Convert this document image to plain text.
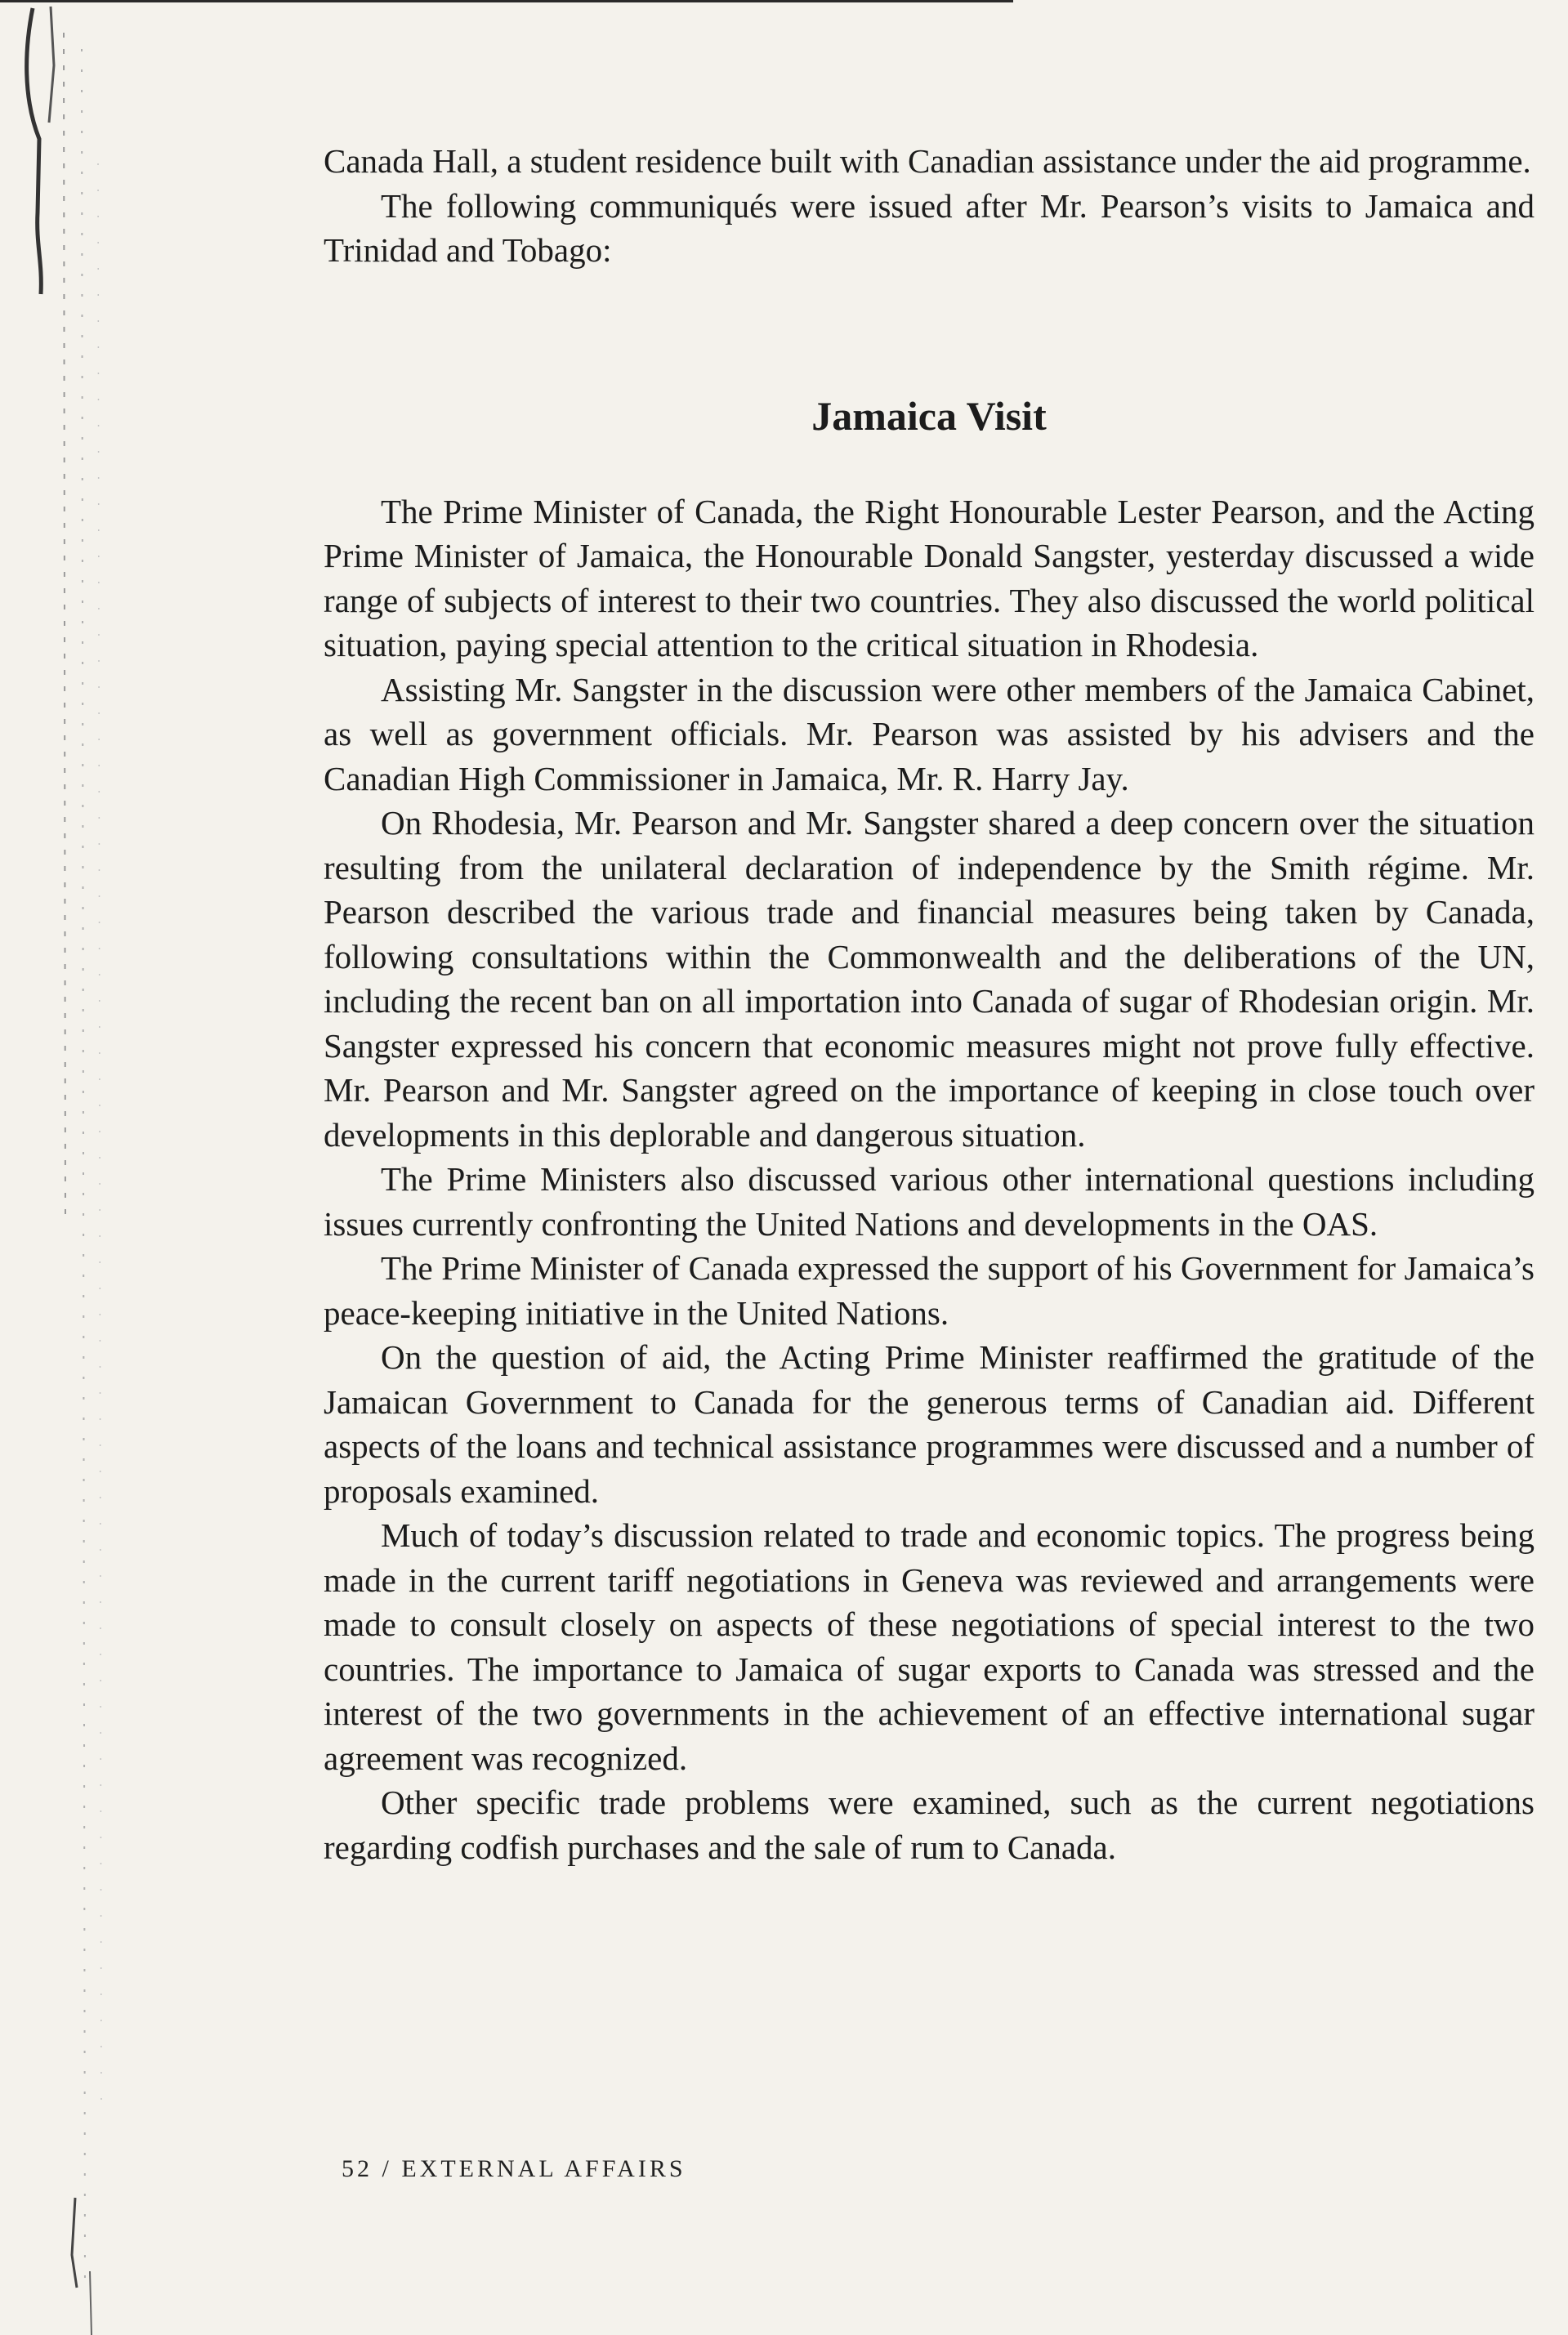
Canada Hall, a student residence built with Canadian assistance under the aid programme.

The following communiqués were issued after Mr. Pearson’s visits to Jamaica and Trinidad and Tobago:

Jamaica Visit

The Prime Minister of Canada, the Right Honourable Lester Pearson, and the Acting Prime Minister of Jamaica, the Honourable Donald Sangster, yesterday discussed a wide range of subjects of interest to their two countries. They also discussed the world political situation, paying special attention to the critical situation in Rhodesia.

Assisting Mr. Sangster in the discussion were other members of the Jamaica Cabinet, as well as government officials. Mr. Pearson was assisted by his advisers and the Canadian High Commissioner in Jamaica, Mr. R. Harry Jay.

On Rhodesia, Mr. Pearson and Mr. Sangster shared a deep concern over the situation resulting from the unilateral declaration of independence by the Smith régime. Mr. Pearson described the various trade and financial measures being taken by Canada, following consultations within the Commonwealth and the deliberations of the UN, including the recent ban on all importation into Canada of sugar of Rhodesian origin. Mr. Sangster expressed his concern that economic measures might not prove fully effective. Mr. Pearson and Mr. Sangster agreed on the importance of keeping in close touch over developments in this deplorable and dangerous situation.

The Prime Ministers also discussed various other international questions including issues currently confronting the United Nations and developments in the OAS.

The Prime Minister of Canada expressed the support of his Government for Jamaica’s peace-keeping initiative in the United Nations.

On the question of aid, the Acting Prime Minister reaffirmed the gratitude of the Jamaican Government to Canada for the generous terms of Canadian aid. Different aspects of the loans and technical assistance programmes were discussed and a number of proposals examined.

Much of today’s discussion related to trade and economic topics. The progress being made in the current tariff negotiations in Geneva was reviewed and arrangements were made to consult closely on aspects of these negotiations of special interest to the two countries. The importance to Jamaica of sugar exports to Canada was stressed and the interest of the two governments in the achievement of an effective international sugar agreement was recognized.

Other specific trade problems were examined, such as the current negotiations regarding codfish purchases and the sale of rum to Canada.

52 / EXTERNAL AFFAIRS
